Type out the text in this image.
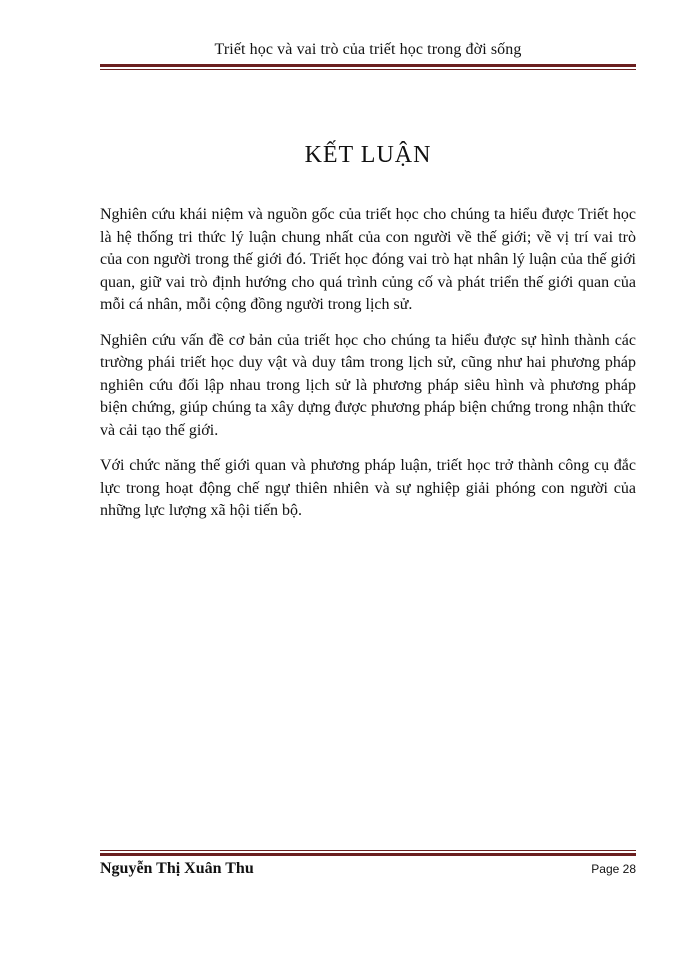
Triết học và vai trò của triết học trong đời sống
KẾT LUẬN

Nghiên cứu khái niệm và nguồn gốc của triết học cho chúng ta hiểu được Triết học là hệ thống tri thức lý luận chung nhất của con người về thế giới; về vị trí vai trò của con người trong thế giới đó. Triết học đóng vai trò hạt nhân lý luận của thế giới quan, giữ vai trò định hướng cho quá trình củng cố và phát triển thế giới quan của mỗi cá nhân, mỗi cộng đồng người trong lịch sử.

Nghiên cứu vấn đề cơ bản của triết học cho chúng ta hiểu được sự hình thành các trường phái triết học duy vật và duy tâm trong lịch sử, cũng như hai phương pháp nghiên cứu đối lập nhau trong lịch sử là phương pháp siêu hình và phương pháp biện chứng, giúp chúng ta xây dựng được phương pháp biện chứng trong nhận thức và cải tạo thế giới.

Với chức năng thế giới quan và phương pháp luận, triết học trở thành công cụ đắc lực trong hoạt động chế ngự thiên nhiên và sự nghiệp giải phóng con người của những lực lượng xã hội tiến bộ.

Nguyễn Thị Xuân Thu	Page 28
